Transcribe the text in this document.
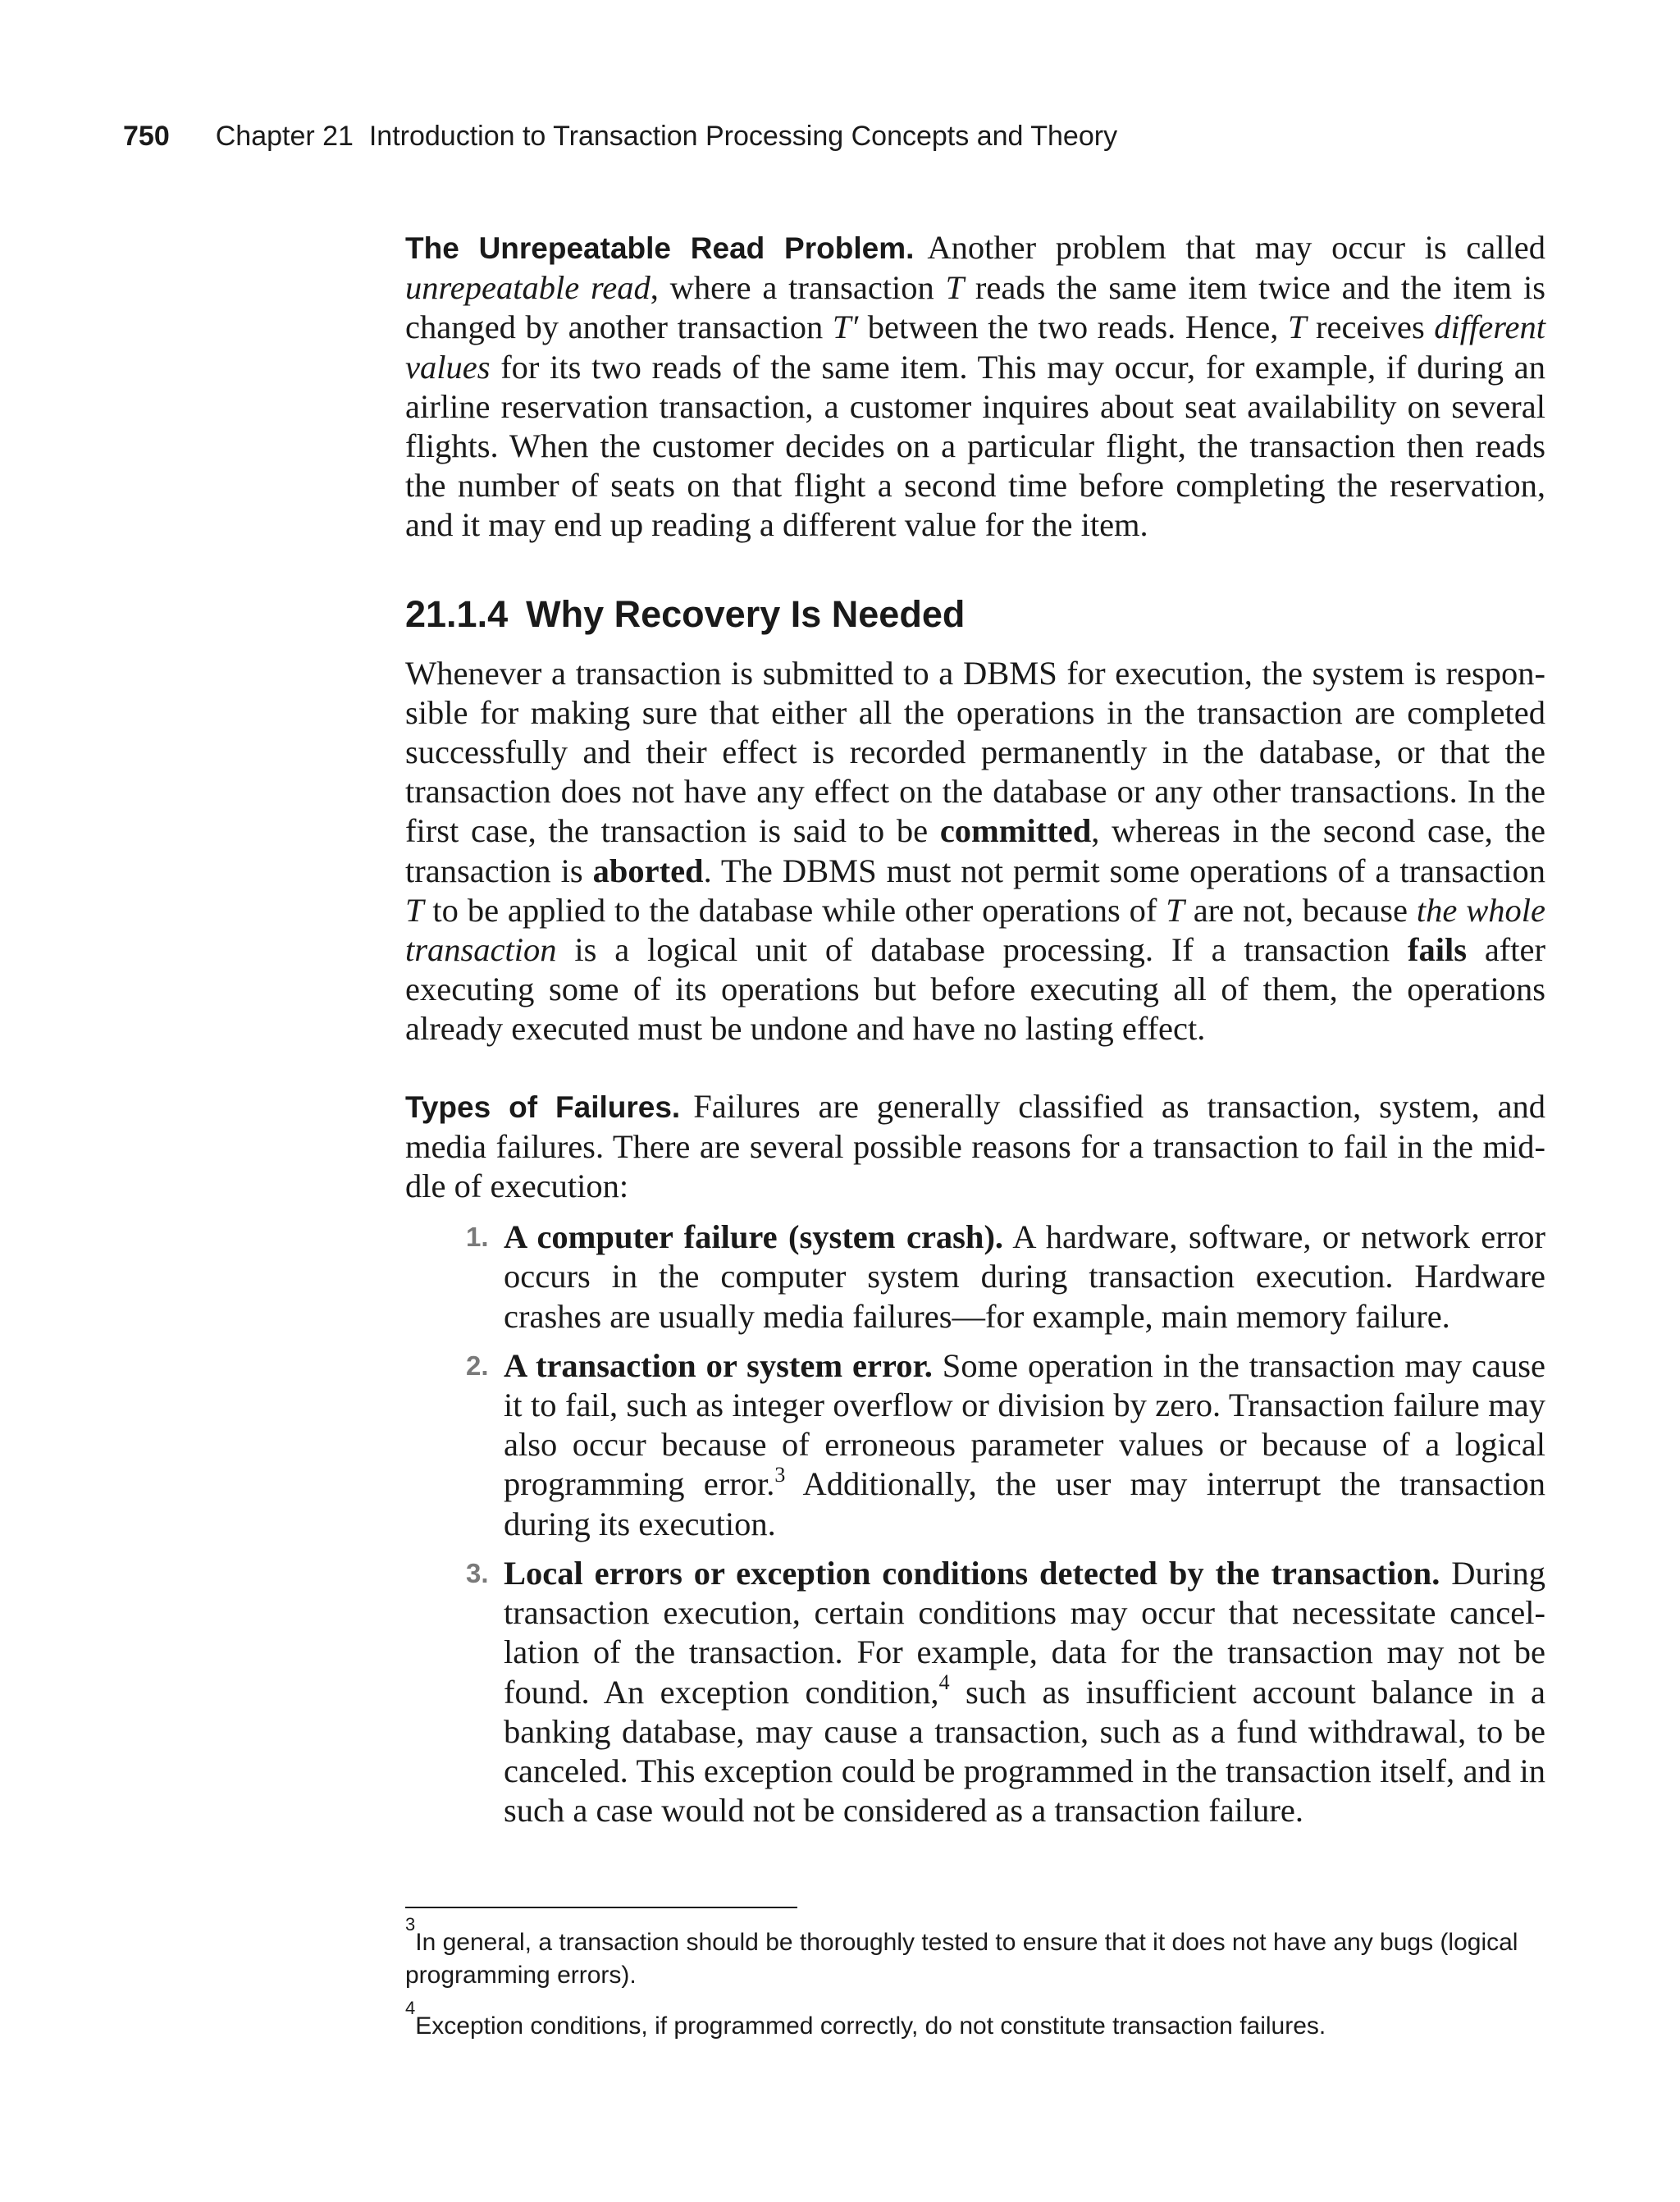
750 Chapter 21  Introduction to Transaction Processing Concepts and Theory

The Unrepeatable Read Problem. Another problem that may occur is called unrepeatable read, where a transaction T reads the same item twice and the item is changed by another transaction T′ between the two reads. Hence, T receives different values for its two reads of the same item. This may occur, for example, if during an airline reservation transaction, a customer inquires about seat availability on several flights. When the customer decides on a particular flight, the transaction then reads the number of seats on that flight a second time before completing the reservation, and it may end up reading a different value for the item.

21.1.4 Why Recovery Is Needed

Whenever a transaction is submitted to a DBMS for execution, the system is responsible for making sure that either all the operations in the transaction are completed successfully and their effect is recorded permanently in the database, or that the transaction does not have any effect on the database or any other transactions. In the first case, the transaction is said to be committed, whereas in the second case, the transaction is aborted. The DBMS must not permit some operations of a transaction T to be applied to the database while other operations of T are not, because the whole transaction is a logical unit of database processing. If a transaction fails after executing some of its operations but before executing all of them, the operations already executed must be undone and have no lasting effect.

Types of Failures. Failures are generally classified as transaction, system, and media failures. There are several possible reasons for a transaction to fail in the middle of execution:

1. A computer failure (system crash). A hardware, software, or network error occurs in the computer system during transaction execution. Hardware crashes are usually media failures—for example, main memory failure.
2. A transaction or system error. Some operation in the transaction may cause it to fail, such as integer overflow or division by zero. Transaction failure may also occur because of erroneous parameter values or because of a logical programming error.$^3$ Additionally, the user may interrupt the transaction during its execution.
3. Local errors or exception conditions detected by the transaction. During transaction execution, certain conditions may occur that necessitate cancellation of the transaction. For example, data for the transaction may not be found. An exception condition,$^4$ such as insufficient account balance in a banking database, may cause a transaction, such as a fund withdrawal, to be canceled. This exception could be programmed in the transaction itself, and in such a case would not be considered as a transaction failure.

$^3$In general, a transaction should be thoroughly tested to ensure that it does not have any bugs (logical programming errors).

$^4$Exception conditions, if programmed correctly, do not constitute transaction failures.
